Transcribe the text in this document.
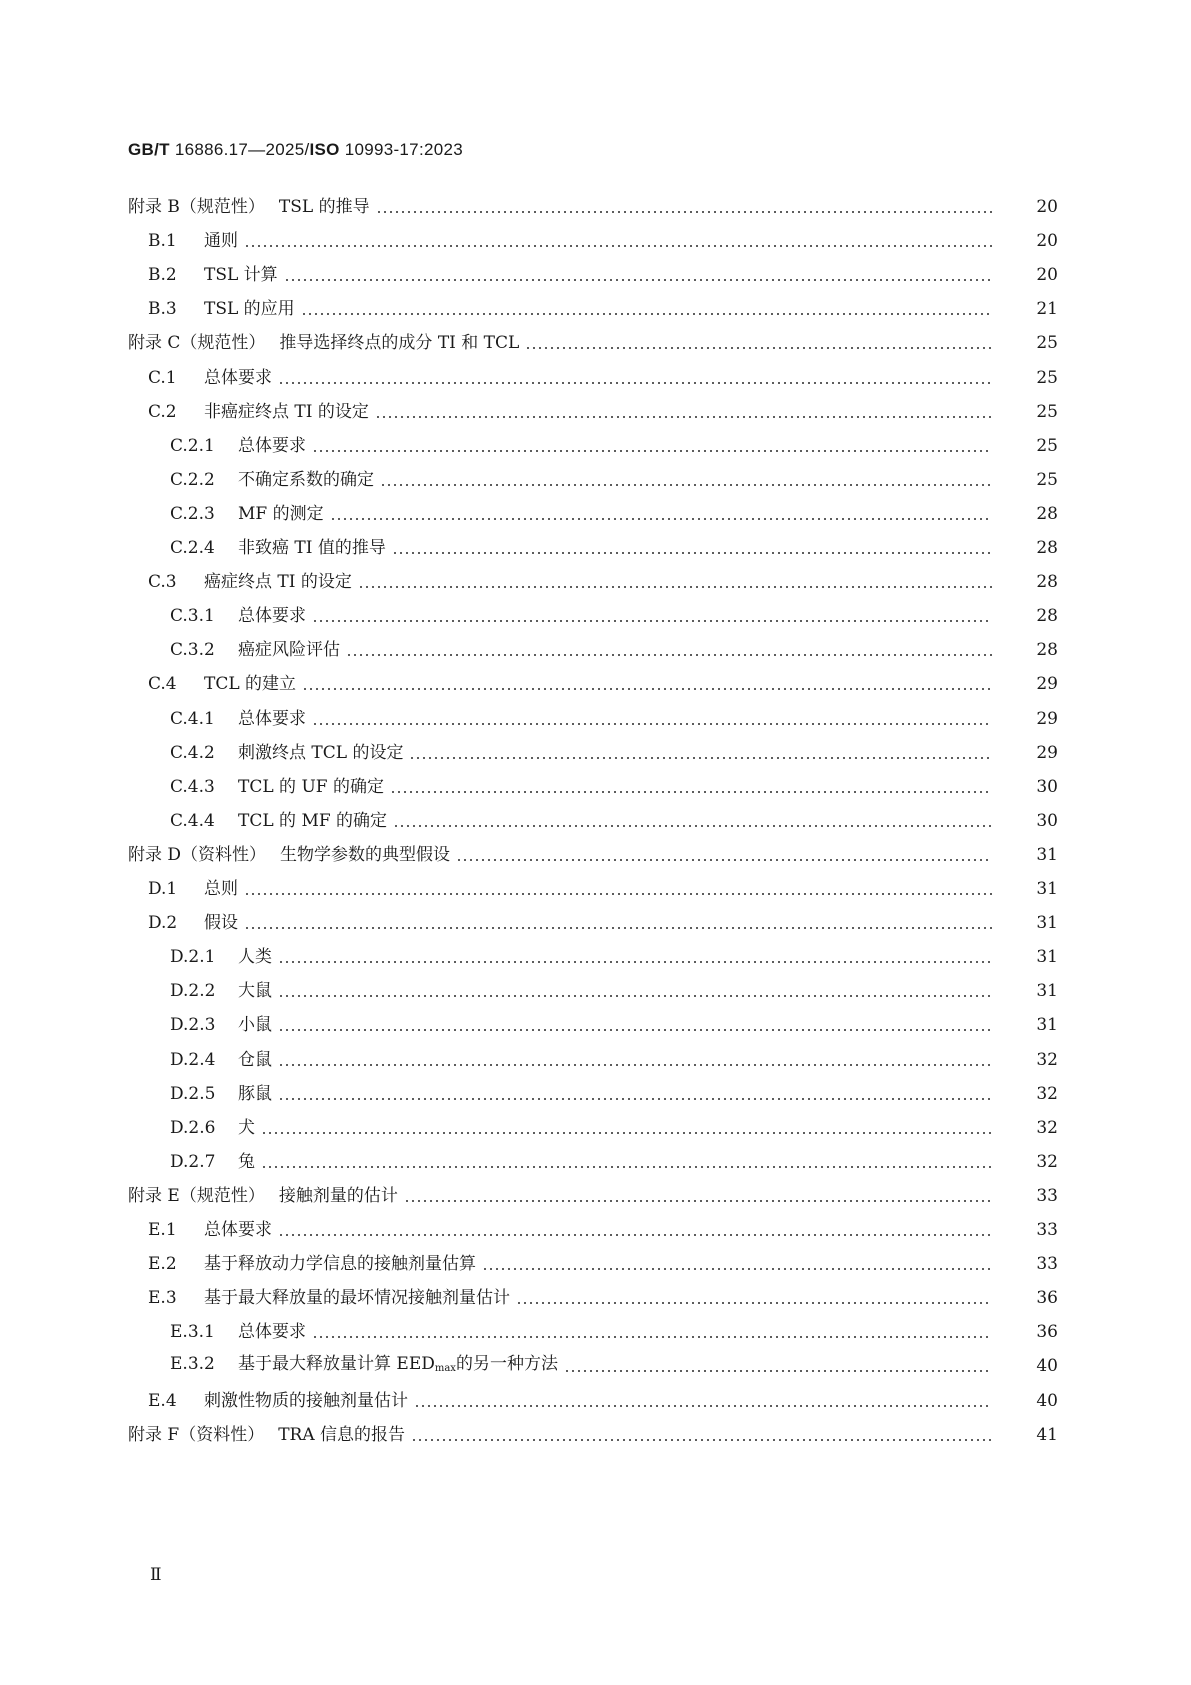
GB/T 16886.17—2025/ISO 10993-17:2023
附录 B（规范性） TSL 的推导	20
B.1 通则	20
B.2 TSL 计算	20
B.3 TSL 的应用	21
附录 C（规范性） 推导选择终点的成分 TI 和 TCL	25
C.1 总体要求	25
C.2 非癌症终点 TI 的设定	25
C.2.1 总体要求	25
C.2.2 不确定系数的确定	25
C.2.3 MF 的测定	28
C.2.4 非致癌 TI 值的推导	28
C.3 癌症终点 TI 的设定	28
C.3.1 总体要求	28
C.3.2 癌症风险评估	28
C.4 TCL 的建立	29
C.4.1 总体要求	29
C.4.2 刺激终点 TCL 的设定	29
C.4.3 TCL 的 UF 的确定	30
C.4.4 TCL 的 MF 的确定	30
附录 D（资料性） 生物学参数的典型假设	31
D.1 总则	31
D.2 假设	31
D.2.1 人类	31
D.2.2 大鼠	31
D.2.3 小鼠	31
D.2.4 仓鼠	32
D.2.5 豚鼠	32
D.2.6 犬	32
D.2.7 兔	32
附录 E（规范性） 接触剂量的估计	33
E.1 总体要求	33
E.2 基于释放动力学信息的接触剂量估算	33
E.3 基于最大释放量的最坏情况接触剂量估计	36
E.3.1 总体要求	36
E.3.2 基于最大释放量计算 $EED_{max}$的另一种方法	40
E.4 刺激性物质的接触剂量估计	40
附录 F（资料性） TRA 信息的报告	41
Ⅱ
